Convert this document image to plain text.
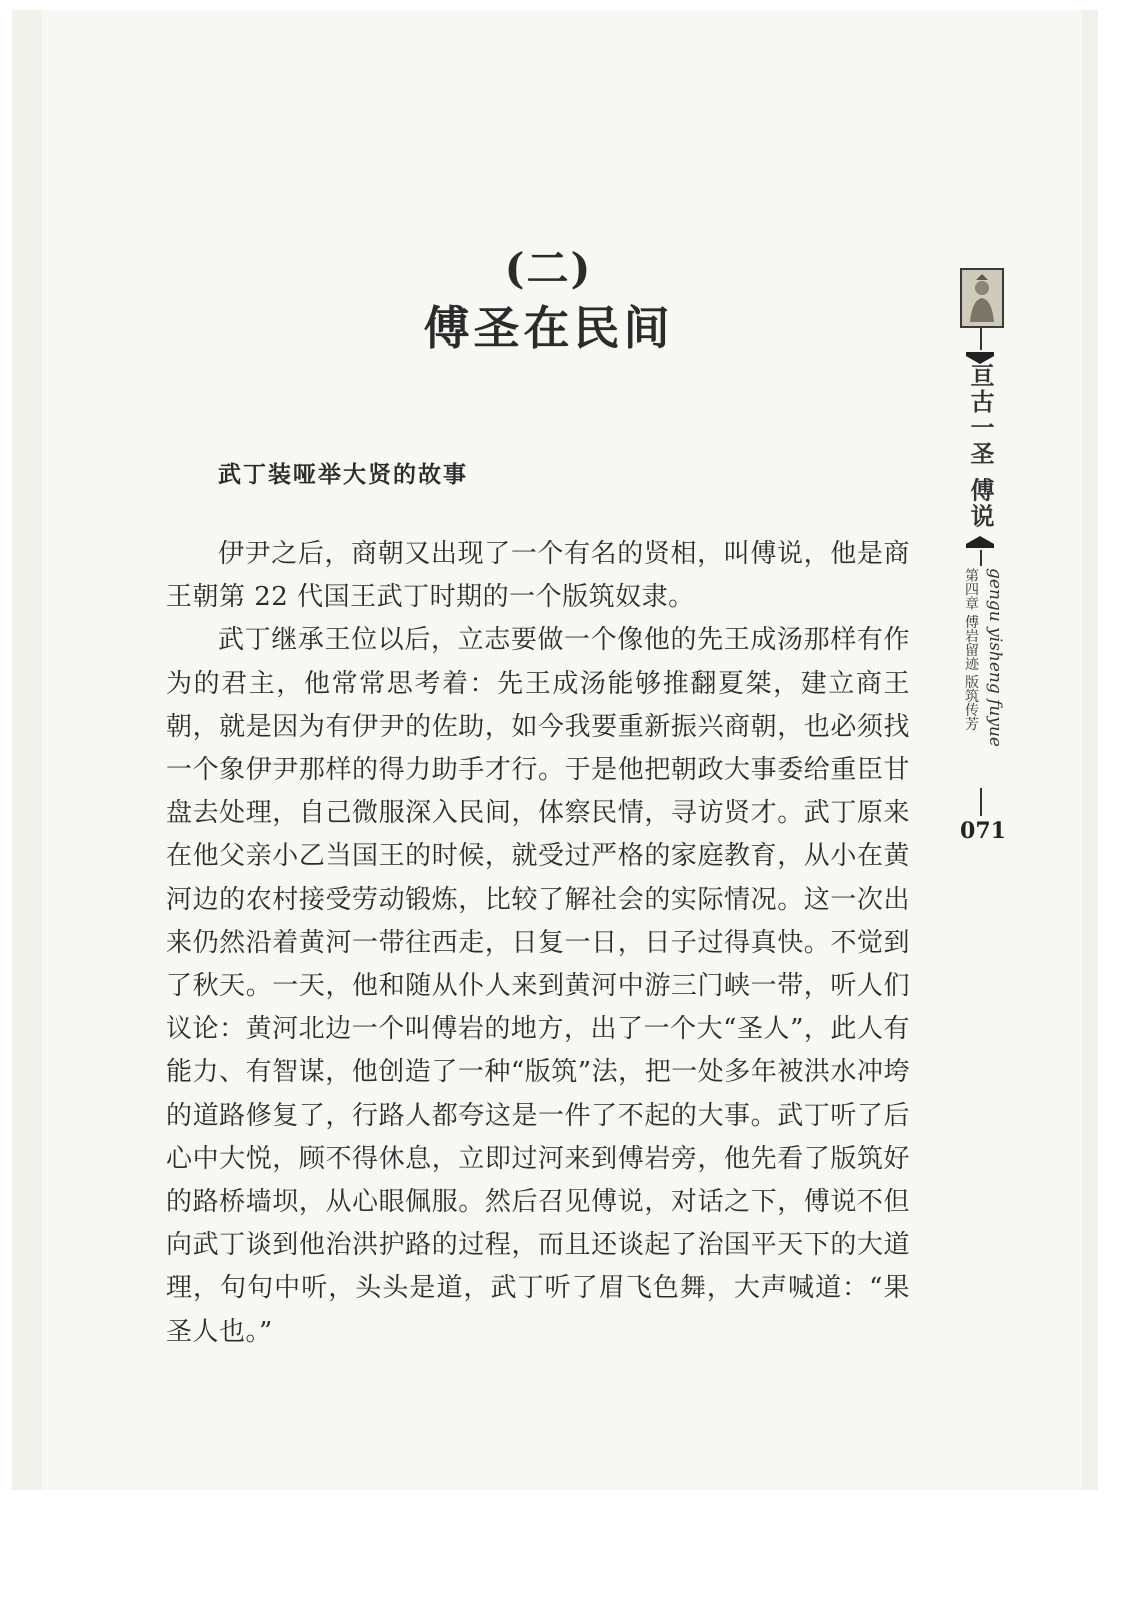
(二)
傅圣在民间
武丁装哑举大贤的故事

伊尹之后，商朝又出现了一个有名的贤相，叫傅说，他是商王朝第 22 代国王武丁时期的一个版筑奴隶。

武丁继承王位以后，立志要做一个像他的先王成汤那样有作为的君主，他常常思考着：先王成汤能够推翻夏桀，建立商王朝，就是因为有伊尹的佐助，如今我要重新振兴商朝，也必须找一个象伊尹那样的得力助手才行。于是他把朝政大事委给重臣甘盘去处理，自己微服深入民间，体察民情，寻访贤才。武丁原来在他父亲小乙当国王的时候，就受过严格的家庭教育，从小在黄河边的农村接受劳动锻炼，比较了解社会的实际情况。这一次出来仍然沿着黄河一带往西走，日复一日，日子过得真快。不觉到了秋天。一天，他和随从仆人来到黄河中游三门峡一带，听人们议论：黄河北边一个叫傅岩的地方，出了一个大“圣人”，此人有能力、有智谋，他创造了一种“版筑”法，把一处多年被洪水冲垮的道路修复了，行路人都夸这是一件了不起的大事。武丁听了后心中大悦，顾不得休息，立即过河来到傅岩旁，他先看了版筑好的路桥墙坝，从心眼佩服。然后召见傅说，对话之下，傅说不但向武丁谈到他治洪护路的过程，而且还谈起了治国平天下的大道理，句句中听，头头是道，武丁听了眉飞色舞，大声喊道：“果圣人也。”

亘古一圣 傅说
第四章 傅岩留迹 版筑传芳 gengu yisheng fuyue
071
